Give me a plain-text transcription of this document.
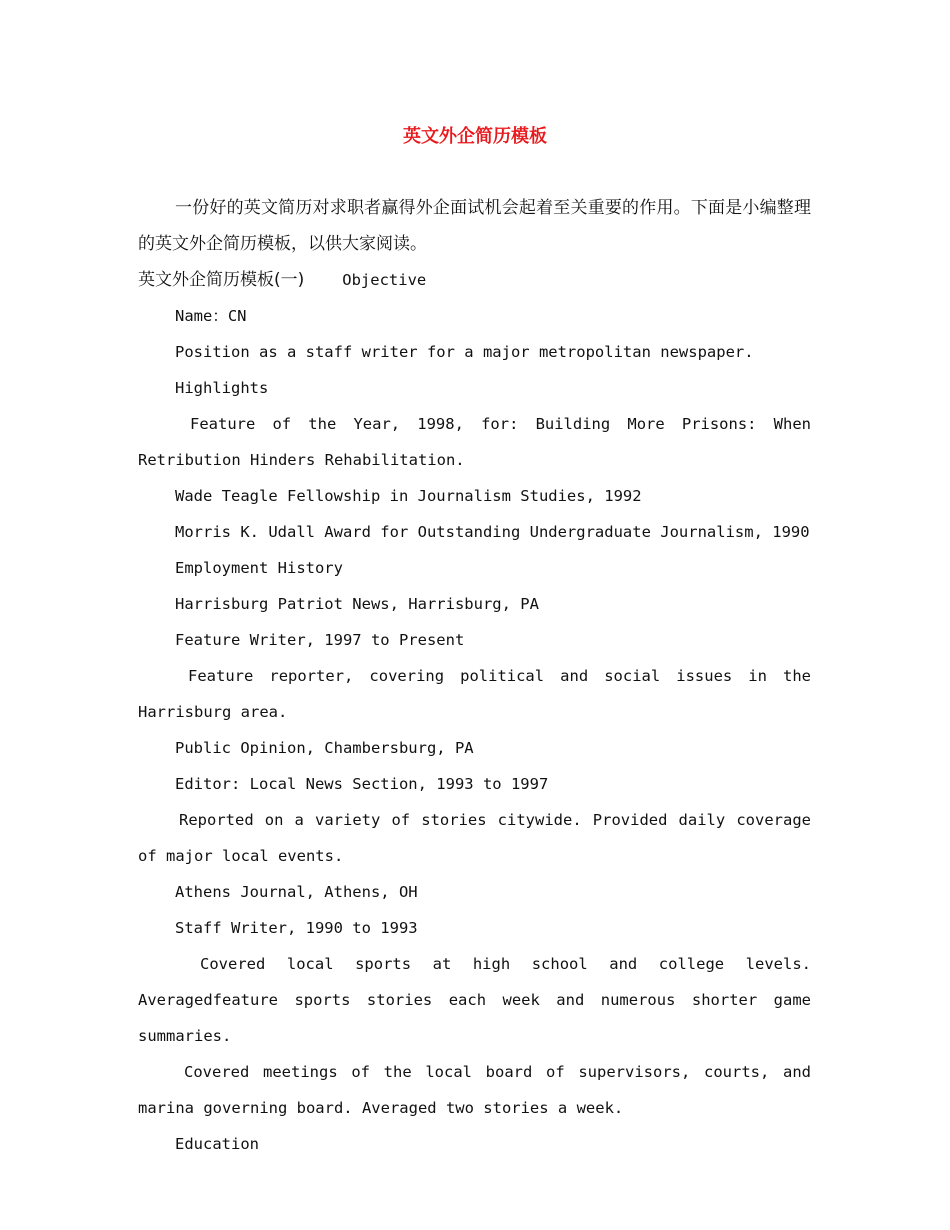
英文外企简历模板

一份好的英文简历对求职者赢得外企面试机会起着至关重要的作用。下面是小编整理的英文外企简历模板，以供大家阅读。

英文外企简历模板(一) Objective

Name：CN

Position as a staff writer for a major metropolitan newspaper.

Highlights

Feature of the Year, 1998, for: Building More Prisons: When Retribution Hinders Rehabilitation.

Wade Teagle Fellowship in Journalism Studies, 1992

Morris K. Udall Award for Outstanding Undergraduate Journalism, 1990

Employment History

Harrisburg Patriot News, Harrisburg, PA

Feature Writer, 1997 to Present

Feature reporter, covering political and social issues in the Harrisburg area.

Public Opinion, Chambersburg, PA

Editor: Local News Section, 1993 to 1997

Reported on a variety of stories citywide. Provided daily coverage of major local events.

Athens Journal, Athens, OH

Staff Writer, 1990 to 1993

Covered local sports at high school and college levels. Averagedfeature sports stories each week and numerous shorter game summaries.

Covered meetings of the local board of supervisors, courts, and marina governing board. Averaged two stories a week.

Education
